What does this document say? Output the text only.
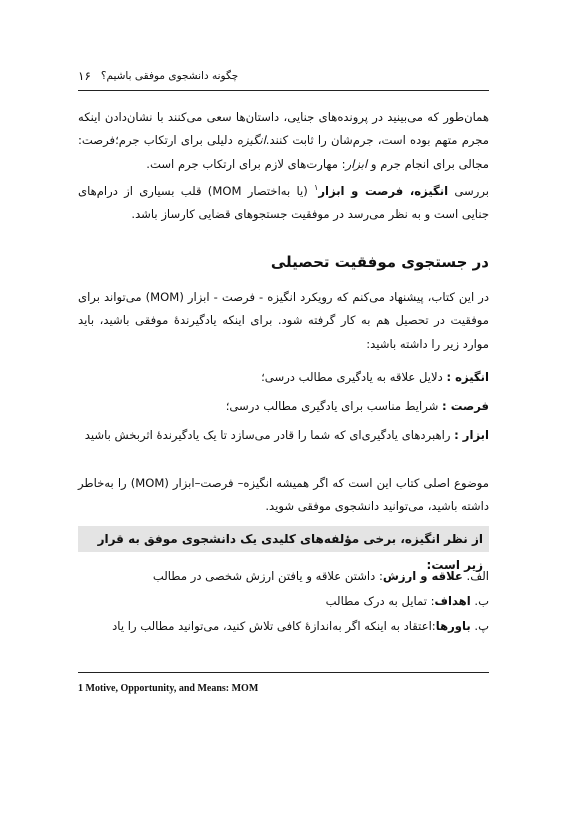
۱۶ چگونه دانشجوی موفقی باشیم؟

همان‌طور که می‌بینید در پرونده‌های جنایی، داستان‌ها سعی می‌کنند با نشان‌دادن اینکه مجرم متهم بوده است، جرم‌شان را ثابت کنند.انگیزه دلیلی برای ارتکاب جرم؛فرصت: مجالی برای انجام جرم و ابزار: مهارت‌های لازم برای ارتکاب جرم است.

بررسی انگیزه، فرصت و ابزار$^۱$ (یا به‌اختصار MOM) قلب بسیاری از درام‌های جنایی است و به نظر می‌رسد در موفقیت جستجوهای قضایی کارساز باشد.

در جستجوی موفقیت تحصیلی
در این کتاب، پیشنهاد می‌کنم که رویکرد انگیزه - فرصت - ابزار (MOM) می‌تواند برای موفقیت در تحصیل هم به کار گرفته شود. برای اینکه یادگیرندهٔ موفقی باشید، باید موارد زیر را داشته باشید:

انگیزه : دلایل علاقه به یادگیری مطالب درسی؛

فرصت : شرایط مناسب برای یادگیری مطالب درسی؛

ابزار : راهبردهای یادگیری‌ای که شما را قادر می‌سازد تا یک یادگیرندهٔ اثربخش باشید

موضوع اصلی کتاب این است که اگر همیشه انگیزه– فرصت–ابزار (MOM) را به‌خاطر داشته باشید، می‌توانید دانشجوی موفقی شوید.
از نظر انگیزه، برخی مؤلفه‌های کلیدی یک دانشجوی موفق به قرار زیر است:
الف. علاقه و ارزش: داشتن علاقه و یافتن ارزش شخصی در مطالب
ب. اهداف: تمایل به درک مطالب
پ. باورها:اعتقاد به اینکه اگر به‌اندازهٔ کافی تلاش کنید، می‌توانید مطالب را یاد
1 Motive, Opportunity, and Means: MOM
